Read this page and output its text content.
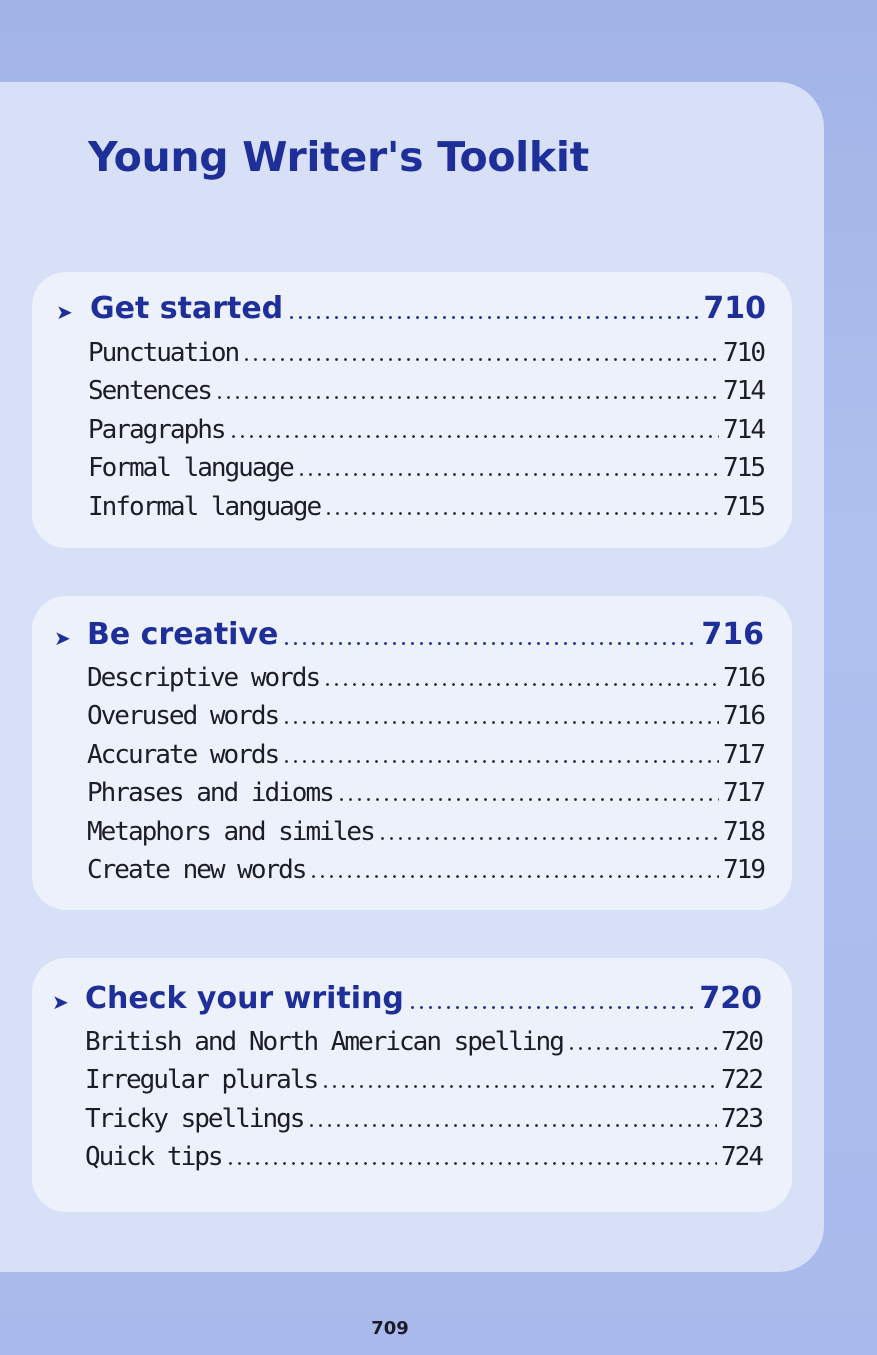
Young Writer's Toolkit
➤ Get started	710
Punctuation	710
Sentences	714
Paragraphs	714
Formal language	715
Informal language	715
➤ Be creative	716
Descriptive words	716
Overused words	716
Accurate words	717
Phrases and idioms	717
Metaphors and similes	718
Create new words	719
➤ Check your writing	720
British and North American spelling	720
Irregular plurals	722
Tricky spellings	723
Quick tips	724
709
